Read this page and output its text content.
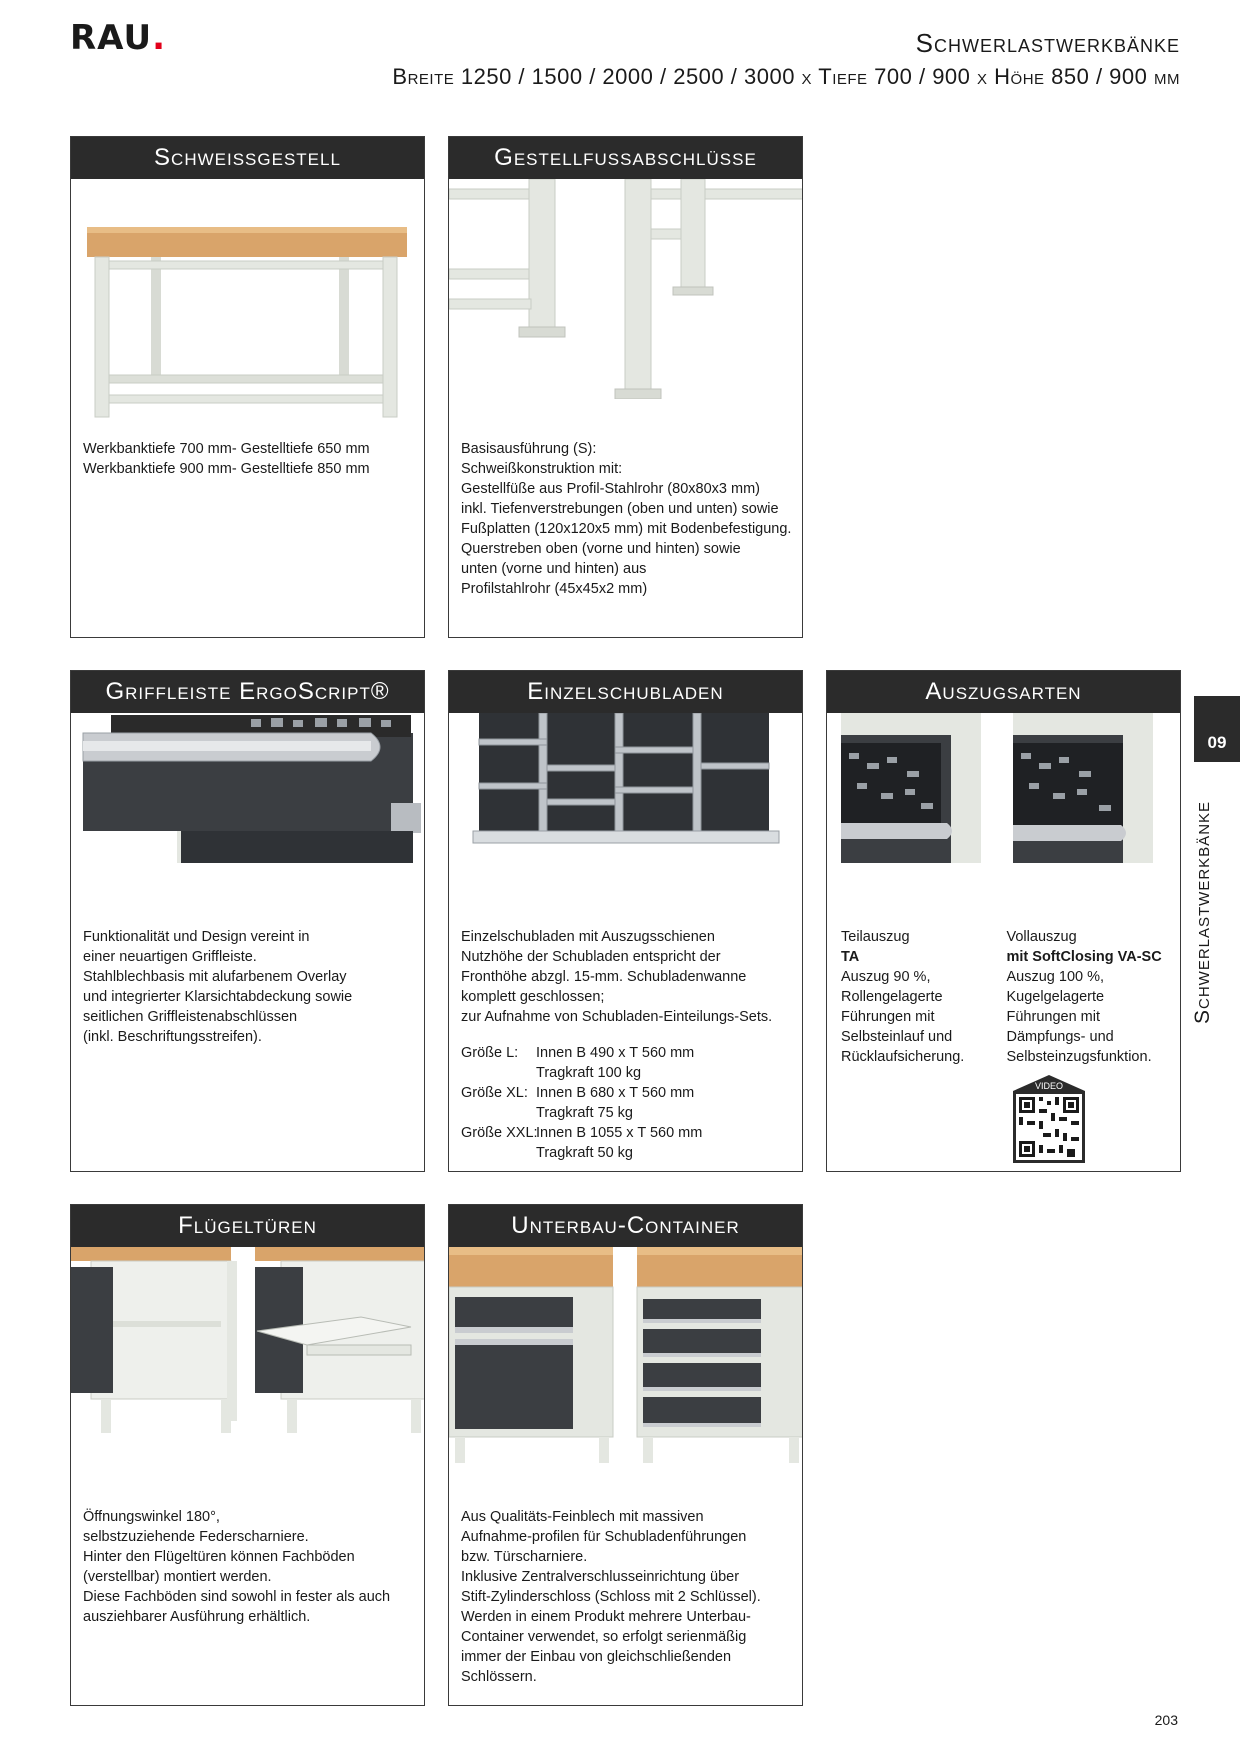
RAU.	Schwerlastwerkbänke
Breite 1250 / 1500 / 2000 / 2500 / 3000 x Tiefe 700 / 900 x Höhe 850 / 900 mm
Schweissgestell
Werkbanktiefe 700 mm- Gestelltiefe 650 mm
Werkbanktiefe 900 mm- Gestelltiefe 850 mm
Gestellfussabschlüsse
Basisausführung (S):
Schweißkonstruktion mit:
Gestellfüße aus Profil-Stahlrohr (80x80x3 mm)
inkl. Tiefenverstrebungen (oben und unten) sowie
Fußplatten (120x120x5 mm) mit Bodenbefestigung.
Querstreben oben (vorne und hinten) sowie
unten (vorne und hinten) aus
Profilstahlrohr (45x45x2 mm)
Griffleiste ErgoScript®
Funktionalität und Design vereint in
einer neuartigen Griffleiste.
Stahlblechbasis mit alufarbenem Overlay
und integrierter Klarsichtabdeckung sowie
seitlichen Griffleistenabschlüssen
(inkl. Beschriftungsstreifen).
Einzelschubladen
Einzelschubladen mit Auszugsschienen
Nutzhöhe der Schubladen entspricht der
Fronthöhe abzgl. 15-mm. Schubladenwanne
komplett geschlossen;
zur Aufnahme von Schubladen-Einteilungs-Sets.
Größe L:	Innen B 490 x T 560 mm
Tragkraft 100 kg
Größe XL: Innen B 680 x T 560 mm
Tragkraft 75 kg
Größe XXL:
Innen B 1055 x T 560 mm
Tragkraft 50 kg
Auszugsarten
Teilauszug
TA
Auszug 90 %,
Rollengelagerte
Führungen mit
Selbsteinlauf und
Rücklaufsicherung.
Vollauszug
mit SoftClosing VA-SC
Auszug 100 %,
Kugelgelagerte
Führungen mit
Dämpfungs- und
Selbsteinzugsfunktion.
VIDEO
Flügeltüren
Öffnungswinkel 180°,
selbstzuziehende Federscharniere.
Hinter den Flügeltüren können Fachböden
(verstellbar) montiert werden.
Diese Fachböden sind sowohl in fester als auch
ausziehbarer Ausführung erhältlich.
Unterbau-Container
Aus Qualitäts-Feinblech mit massiven
Aufnahme-profilen für Schubladenführungen
bzw. Türscharniere.
Inklusive Zentralverschlusseinrichtung über
Stift-Zylinderschloss (Schloss mit 2 Schlüssel).
Werden in einem Produkt mehrere Unterbau-
Container verwendet, so erfolgt serienmäßig
immer der Einbau von gleichschließenden
Schlössern.
09
Schwerlastwerkbänke
203
